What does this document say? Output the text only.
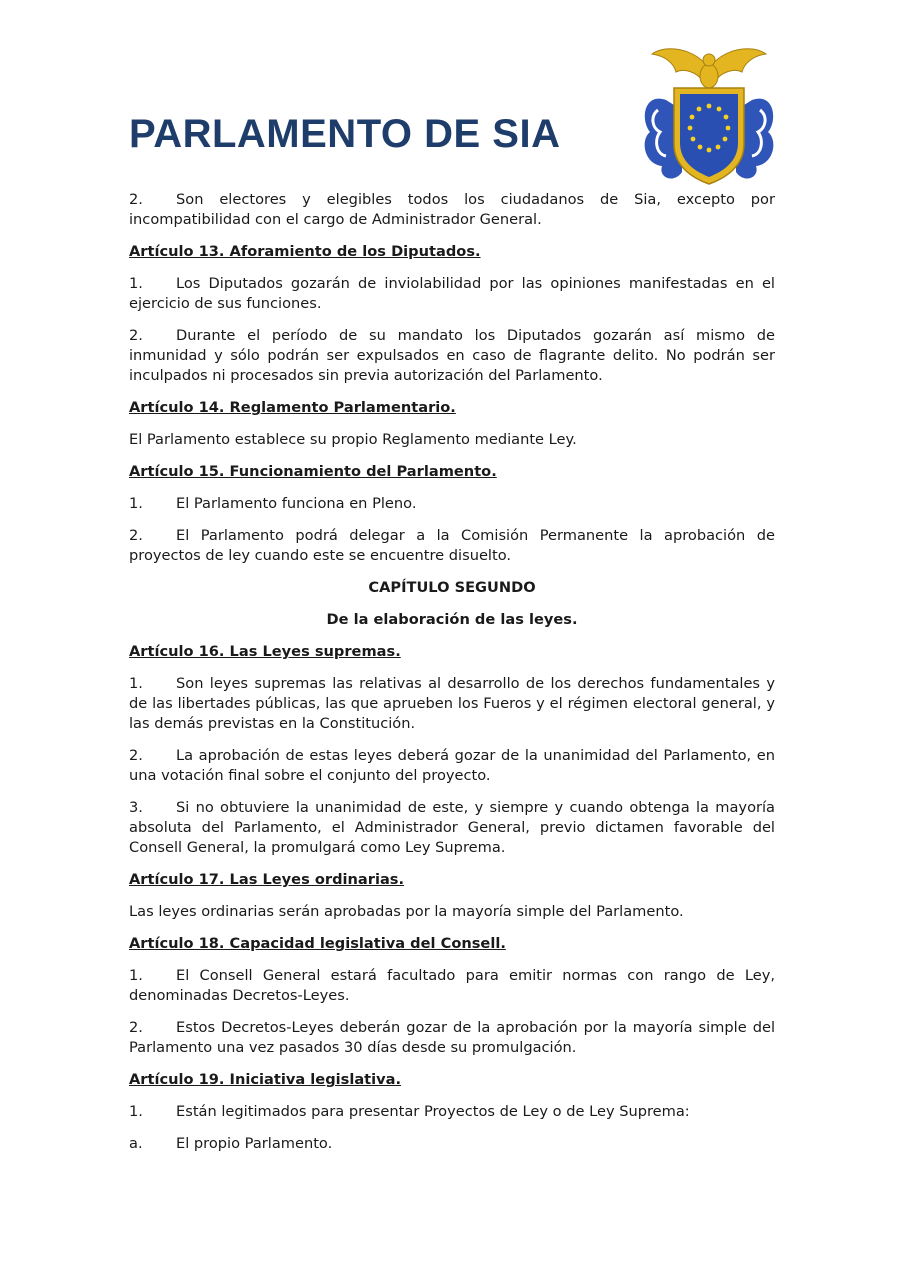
PARLAMENTO DE SIA

2. Son electores y elegibles todos los ciudadanos de Sia, excepto por incompatibilidad con el cargo de Administrador General.

Artículo 13. Aforamiento de los Diputados.

1. Los Diputados gozarán de inviolabilidad por las opiniones manifestadas en el ejercicio de sus funciones.

2. Durante el período de su mandato los Diputados gozarán así mismo de inmunidad y sólo podrán ser expulsados en caso de flagrante delito. No podrán ser inculpados ni procesados sin previa autorización del Parlamento.

Artículo 14. Reglamento Parlamentario.

El Parlamento establece su propio Reglamento mediante Ley.

Artículo 15. Funcionamiento del Parlamento.

1. El Parlamento funciona en Pleno.

2. El Parlamento podrá delegar a la Comisión Permanente la aprobación de proyectos de ley cuando este se encuentre disuelto.

CAPÍTULO SEGUNDO

De la elaboración de las leyes.

Artículo 16. Las Leyes supremas.

1. Son leyes supremas las relativas al desarrollo de los derechos fundamentales y de las libertades públicas, las que aprueben los Fueros y el régimen electoral general, y las demás previstas en la Constitución.

2. La aprobación de estas leyes deberá gozar de la unanimidad del Parlamento, en una votación final sobre el conjunto del proyecto.

3. Si no obtuviere la unanimidad de este, y siempre y cuando obtenga la mayoría absoluta del Parlamento, el Administrador General, previo dictamen favorable del Consell General, la promulgará como Ley Suprema.

Artículo 17. Las Leyes ordinarias.

Las leyes ordinarias serán aprobadas por la mayoría simple del Parlamento.

Artículo 18. Capacidad legislativa del Consell.

1. El Consell General estará facultado para emitir normas con rango de Ley, denominadas Decretos-Leyes.

2. Estos Decretos-Leyes deberán gozar de la aprobación por la mayoría simple del Parlamento una vez pasados 30 días desde su promulgación.

Artículo 19. Iniciativa legislativa.

1. Están legitimados para presentar Proyectos de Ley o de Ley Suprema:

a. El propio Parlamento.
